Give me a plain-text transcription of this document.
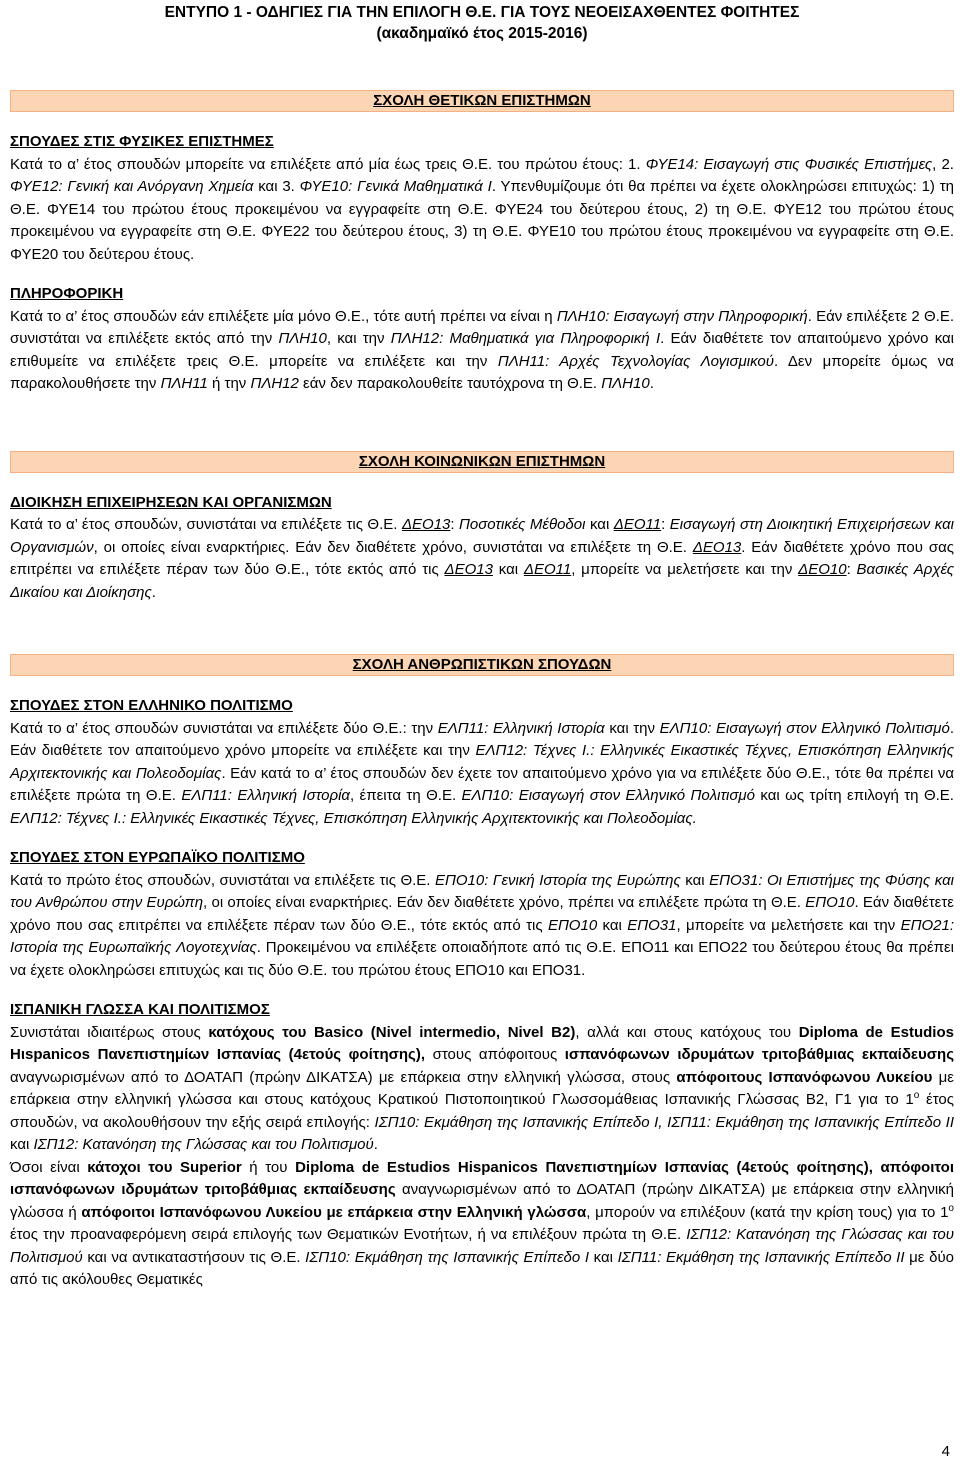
ΕΝΤΥΠΟ 1 - ΟΔΗΓΙΕΣ ΓΙΑ ΤΗΝ ΕΠΙΛΟΓΗ Θ.Ε. ΓΙΑ ΤΟΥΣ ΝΕΟΕΙΣΑΧΘΕΝΤΕΣ ΦΟΙΤΗΤΕΣ
(ακαδημαϊκό έτος 2015-2016)
ΣΧΟΛΗ ΘΕΤΙΚΩΝ ΕΠΙΣΤΗΜΩΝ
ΣΠΟΥΔΕΣ ΣΤΙΣ ΦΥΣΙΚΕΣ ΕΠΙΣΤΗΜΕΣ

Κατά το α’ έτος σπουδών μπορείτε να επιλέξετε από μία έως τρεις Θ.Ε. του πρώτου έτους: 1. ΦΥΕ14: Εισαγωγή στις Φυσικές Επιστήμες, 2. ΦΥΕ12: Γενική και Ανόργανη Χημεία και 3. ΦΥΕ10: Γενικά Μαθηματικά Ι. Υπενθυμίζουμε ότι θα πρέπει να έχετε ολοκληρώσει επιτυχώς: 1) τη Θ.Ε. ΦΥΕ14 του πρώτου έτους προκειμένου να εγγραφείτε στη Θ.Ε. ΦΥΕ24 του δεύτερου έτους, 2) τη Θ.Ε. ΦΥΕ12 του πρώτου έτους προκειμένου να εγγραφείτε στη Θ.Ε. ΦΥΕ22 του δεύτερου έτους, 3) τη Θ.Ε. ΦΥΕ10 του πρώτου έτους προκειμένου να εγγραφείτε στη Θ.Ε. ΦΥΕ20 του δεύτερου έτους.

ΠΛΗΡΟΦΟΡΙΚΗ

Κατά το α’ έτος σπουδών εάν επιλέξετε μία μόνο Θ.Ε., τότε αυτή πρέπει να είναι η ΠΛΗ10: Εισαγωγή στην Πληροφορική. Εάν επιλέξετε 2 Θ.Ε. συνιστάται να επιλέξετε εκτός από την ΠΛΗ10, και την ΠΛΗ12: Μαθηματικά για Πληροφορική Ι. Εάν διαθέτετε τον απαιτούμενο χρόνο και επιθυμείτε να επιλέξετε τρεις Θ.Ε. μπορείτε να επιλέξετε και την ΠΛΗ11: Αρχές Τεχνολογίας Λογισμικού. Δεν μπορείτε όμως να παρακολουθήσετε την ΠΛΗ11 ή την ΠΛΗ12 εάν δεν παρακολουθείτε ταυτόχρονα τη Θ.Ε. ΠΛΗ10.

ΣΧΟΛΗ ΚΟΙΝΩΝΙΚΩΝ ΕΠΙΣΤΗΜΩΝ
ΔΙΟΙΚΗΣΗ ΕΠΙΧΕΙΡΗΣΕΩΝ ΚΑΙ ΟΡΓΑΝΙΣΜΩΝ

Κατά το α’ έτος σπουδών, συνιστάται να επιλέξετε τις Θ.Ε. ΔΕΟ13: Ποσοτικές Μέθοδοι και ΔΕΟ11: Εισαγωγή στη Διοικητική Επιχειρήσεων και Οργανισμών, οι οποίες είναι εναρκτήριες. Εάν δεν διαθέτετε χρόνο, συνιστάται να επιλέξετε τη Θ.Ε. ΔΕΟ13. Εάν διαθέτετε χρόνο που σας επιτρέπει να επιλέξετε πέραν των δύο Θ.Ε., τότε εκτός από τις ΔΕΟ13 και ΔΕΟ11, μπορείτε να μελετήσετε και την ΔΕΟ10: Βασικές Αρχές Δικαίου και Διοίκησης.

ΣΧΟΛΗ ΑΝΘΡΩΠΙΣΤΙΚΩΝ ΣΠΟΥΔΩΝ
ΣΠΟΥΔΕΣ ΣΤΟΝ ΕΛΛΗΝΙΚΟ ΠΟΛΙΤΙΣΜΟ

Κατά το α’ έτος σπουδών συνιστάται να επιλέξετε δύο Θ.Ε.: την ΕΛΠ11: Ελληνική Ιστορία και την ΕΛΠ10: Εισαγωγή στον Ελληνικό Πολιτισμό. Εάν διαθέτετε τον απαιτούμενο χρόνο μπορείτε να επιλέξετε και την ΕΛΠ12: Τέχνες Ι.: Ελληνικές Εικαστικές Τέχνες, Επισκόπηση Ελληνικής Αρχιτεκτονικής και Πολεοδομίας. Εάν κατά το α’ έτος σπουδών δεν έχετε τον απαιτούμενο χρόνο για να επιλέξετε δύο Θ.Ε., τότε θα πρέπει να επιλέξετε πρώτα τη Θ.Ε. ΕΛΠ11: Ελληνική Ιστορία, έπειτα τη Θ.Ε. ΕΛΠ10: Εισαγωγή στον Ελληνικό Πολιτισμό και ως τρίτη επιλογή τη Θ.Ε. ΕΛΠ12: Τέχνες Ι.: Ελληνικές Εικαστικές Τέχνες, Επισκόπηση Ελληνικής Αρχιτεκτονικής και Πολεοδομίας.

ΣΠΟΥΔΕΣ ΣΤΟΝ ΕΥΡΩΠΑΪΚΟ ΠΟΛΙΤΙΣΜΟ

Κατά το πρώτο έτος σπουδών, συνιστάται να επιλέξετε τις Θ.Ε. ΕΠΟ10: Γενική Ιστορία της Ευρώπης και ΕΠΟ31: Οι Επιστήμες της Φύσης και του Ανθρώπου στην Ευρώπη, οι οποίες είναι εναρκτήριες. Εάν δεν διαθέτετε χρόνο, πρέπει να επιλέξετε πρώτα τη Θ.Ε. ΕΠΟ10. Εάν διαθέτετε χρόνο που σας επιτρέπει να επιλέξετε πέραν των δύο Θ.Ε., τότε εκτός από τις ΕΠΟ10 και ΕΠΟ31, μπορείτε να μελετήσετε και την ΕΠΟ21: Ιστορία της Ευρωπαϊκής Λογοτεχνίας. Προκειμένου να επιλέξετε οποιαδήποτε από τις Θ.Ε. ΕΠΟ11 και ΕΠΟ22 του δεύτερου έτους θα πρέπει να έχετε ολοκληρώσει επιτυχώς και τις δύο Θ.Ε. του πρώτου έτους ΕΠΟ10 και ΕΠΟ31.

ΙΣΠΑΝΙΚΗ ΓΛΩΣΣΑ ΚΑΙ ΠΟΛΙΤΙΣΜΟΣ

Συνιστάται ιδιαιτέρως στους κατόχους του Basico (Nivel intermedio, Nivel B2), αλλά και στους κατόχους του Diploma de Estudios Hιspanicos Πανεπιστημίων Ισπανίας (4ετούς φοίτησης), στους απόφοιτους ισπανόφωνων ιδρυμάτων τριτοβάθμιας εκπαίδευσης αναγνωρισμένων από το ΔΟΑΤΑΠ (πρώην ΔΙΚΑΤΣΑ) με επάρκεια στην ελληνική γλώσσα, στους απόφοιτους Ισπανόφωνου Λυκείου με επάρκεια στην ελληνική γλώσσα και στους κατόχους Κρατικού Πιστοποιητικού Γλωσσομάθειας Ισπανικής Γλώσσας Β2, Γ1 για το $1^o$ έτος σπουδών, να ακολουθήσουν την εξής σειρά επιλογής: ΙΣΠ10: Εκμάθηση της Ισπανικής Επίπεδο Ι, ΙΣΠ11: Εκμάθηση της Ισπανικής Επίπεδο ΙΙ και ΙΣΠ12: Κατανόηση της Γλώσσας και του Πολιτισμού.

Όσοι είναι κάτοχοι του Superior ή του Diploma de Estudios Hispanicos Πανεπιστημίων Ισπανίας (4ετούς φοίτησης), απόφοιτοι ισπανόφωνων ιδρυμάτων τριτοβάθμιας εκπαίδευσης αναγνωρισμένων από το ΔΟΑΤΑΠ (πρώην ΔΙΚΑΤΣΑ) με επάρκεια στην ελληνική γλώσσα ή απόφοιτοι Ισπανόφωνου Λυκείου με επάρκεια στην Ελληνική γλώσσα, μπορούν να επιλέξουν (κατά την κρίση τους) για το $1^o$ έτος την προαναφερόμενη σειρά επιλογής των Θεματικών Ενοτήτων, ή να επιλέξουν πρώτα τη Θ.Ε. ΙΣΠ12: Κατανόηση της Γλώσσας και του Πολιτισμού και να αντικαταστήσουν τις Θ.Ε. ΙΣΠ10: Εκμάθηση της Ισπανικής Επίπεδο Ι και ΙΣΠ11: Εκμάθηση της Ισπανικής Επίπεδο ΙΙ με δύο από τις ακόλουθες Θεματικές

4
